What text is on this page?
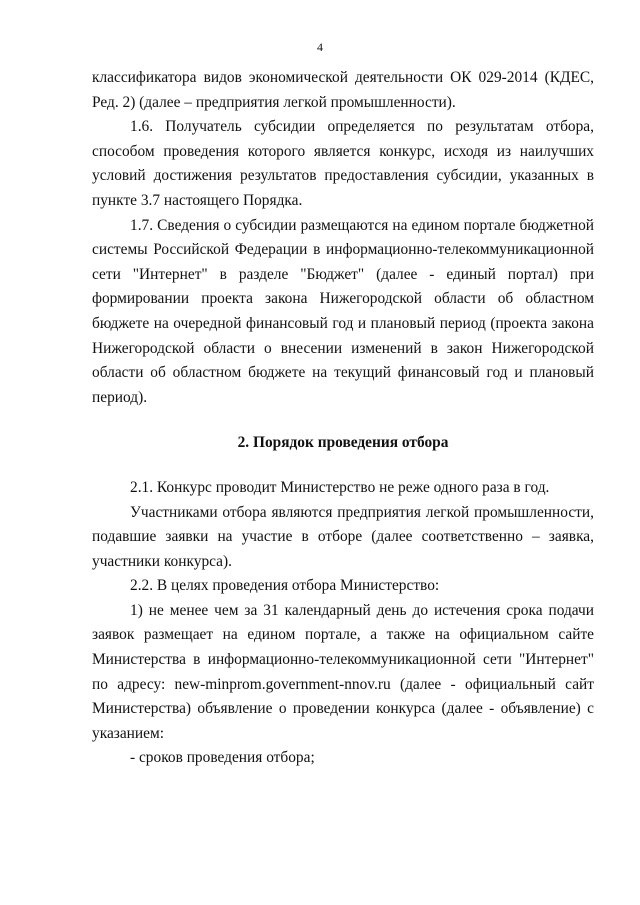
4

классификатора видов экономической деятельности ОК 029-2014 (КДЕС, Ред. 2) (далее – предприятия легкой промышленности).

1.6. Получатель субсидии определяется по результатам отбора, способом проведения которого является конкурс, исходя из наилучших условий достижения результатов предоставления субсидии, указанных в пункте 3.7 настоящего Порядка.

1.7. Сведения о субсидии размещаются на едином портале бюджетной системы Российской Федерации в информационно-телекоммуникационной сети "Интернет" в разделе "Бюджет" (далее - единый портал) при формировании проекта закона Нижегородской области об областном бюджете на очередной финансовый год и плановый период (проекта закона Нижегородской области о внесении изменений в закон Нижегородской области об областном бюджете на текущий финансовый год и плановый период).

2. Порядок проведения отбора

2.1. Конкурс проводит Министерство не реже одного раза в год.

Участниками отбора являются предприятия легкой промышленности, подавшие заявки на участие в отборе (далее соответственно – заявка, участники конкурса).

2.2. В целях проведения отбора Министерство:

1) не менее чем за 31 календарный день до истечения срока подачи заявок размещает на едином портале, а также на официальном сайте Министерства в информационно-телекоммуникационной сети "Интернет" по адресу: new-minprom.government-nnov.ru (далее - официальный сайт Министерства) объявление о проведении конкурса (далее - объявление) с указанием:

- сроков проведения отбора;
